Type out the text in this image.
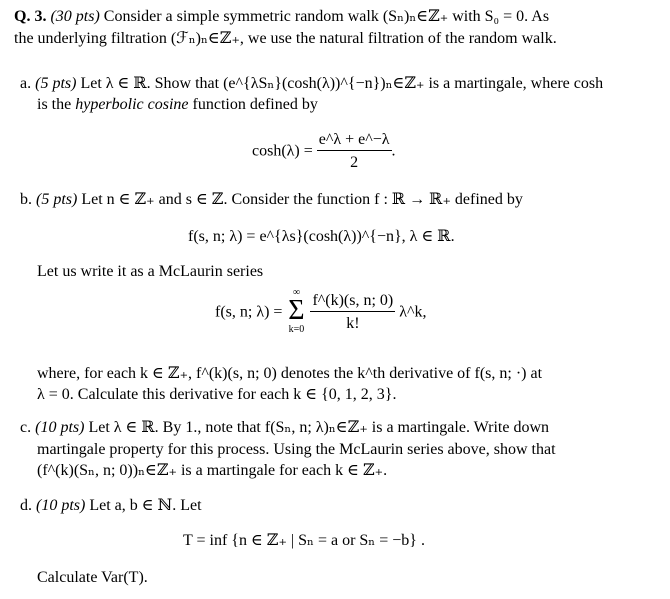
Q. 3. (30 pts) Consider a simple symmetric random walk (Sₙ)ₙ∈ℤ₊ with S₀ = 0. As
the underlying filtration (ℱₙ)ₙ∈ℤ₊, we use the natural filtration of the random walk.
a. (5 pts) Let λ ∈ ℝ. Show that (e^{λSₙ}(cosh(λ))^{−n})ₙ∈ℤ₊ is a martingale, where cosh
is the hyperbolic cosine function defined by
$\cosh(\lambda) = \frac{e\^{}\lambda + e\^{}-\lambda}{2}$ .
b. (5 pts) Let n ∈ ℤ₊ and s ∈ ℤ. Consider the function f : ℝ → ℝ₊ defined by
f(s, n; λ) = e^{λs}(cosh(λ))^{−n}, λ ∈ ℝ.
Let us write it as a McLaurin series
f(s, n; λ) =
∞
Σ
k=0
$\frac{f\^{}(k)(s, n; 0)}{k!}$ λ^k,
where, for each k ∈ ℤ₊, f^(k)(s, n; 0) denotes the k^th derivative of f(s, n; ·) at
λ = 0. Calculate this derivative for each k ∈ {0, 1, 2, 3}.
c. (10 pts) Let λ ∈ ℝ. By 1., note that f(Sₙ, n; λ)ₙ∈ℤ₊ is a martingale. Write down
martingale property for this process. Using the McLaurin series above, show that
(f^(k)(Sₙ, n; 0))ₙ∈ℤ₊ is a martingale for each k ∈ ℤ₊.
d. (10 pts) Let a, b ∈ ℕ. Let
T = inf {n ∈ ℤ₊ | Sₙ = a or Sₙ = −b} .
Calculate Var(T).
